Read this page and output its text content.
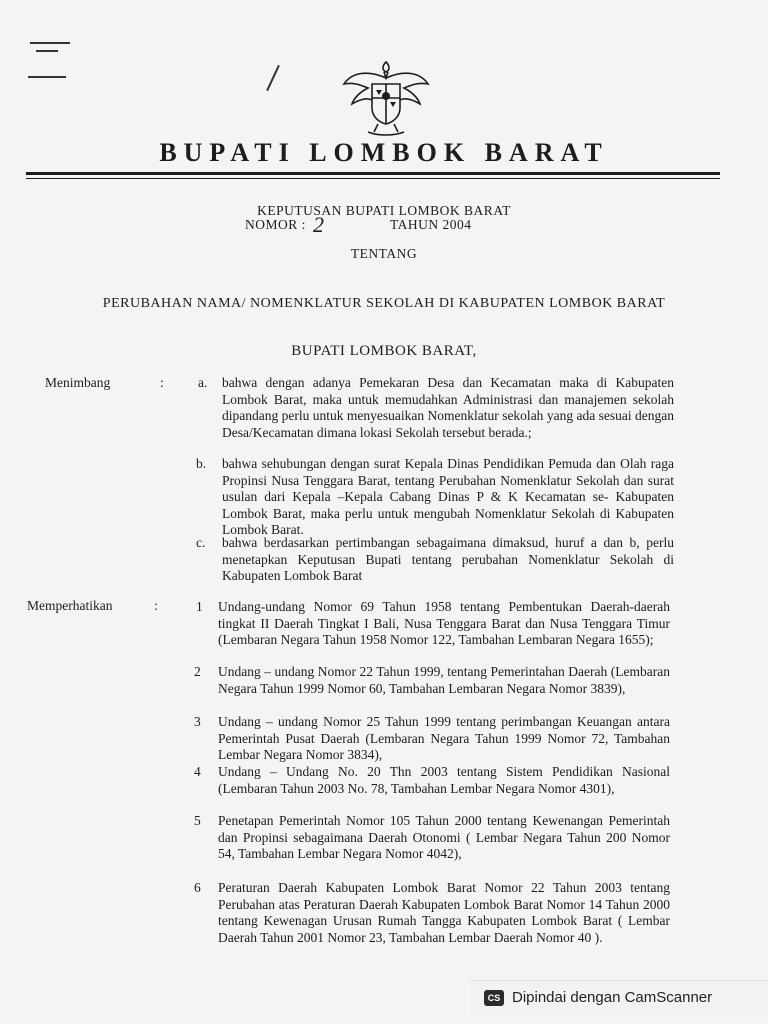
BUPATI LOMBOK BARAT
KEPUTUSAN BUPATI LOMBOK BARAT
NOMOR : 2	TAHUN 2004
TENTANG
PERUBAHAN NAMA/ NOMENKLATUR SEKOLAH DI KABUPATEN LOMBOK BARAT
BUPATI LOMBOK BARAT,
Menimbang	:	a. bahwa dengan adanya Pemekaran Desa dan Kecamatan maka di Kabupaten Lombok Barat, maka untuk memudahkan Administrasi dan manajemen sekolah dipandang perlu untuk menyesuaikan Nomenklatur sekolah yang ada sesuai dengan Desa/Kecamatan dimana lokasi Sekolah tersebut berada.;

b. bahwa sehubungan dengan surat Kepala Dinas Pendidikan Pemuda dan Olah raga Propinsi Nusa Tenggara Barat, tentang Perubahan Nomenklatur Sekolah dan surat usulan dari Kepala –Kepala Cabang Dinas P & K Kecamatan se- Kabupaten Lombok Barat, maka perlu untuk mengubah Nomenklatur Sekolah di Kabupaten Lombok Barat.

c. bahwa berdasarkan pertimbangan sebagaimana dimaksud, huruf a dan b, perlu menetapkan Keputusan Bupati tentang perubahan Nomenklatur Sekolah di Kabupaten Lombok Barat

Memperhatikan	:	1 Undang-undang Nomor 69 Tahun 1958 tentang Pembentukan Daerah-daerah tingkat II Daerah Tingkat I Bali, Nusa Tenggara Barat dan Nusa Tenggara Timur (Lembaran Negara Tahun 1958 Nomor 122, Tambahan Lembaran Negara 1655);

2 Undang – undang Nomor 22 Tahun 1999, tentang Pemerintahan Daerah (Lembaran Negara Tahun 1999 Nomor 60, Tambahan Lembaran Negara Nomor 3839),

3 Undang – undang Nomor 25 Tahun 1999 tentang perimbangan Keuangan antara Pemerintah Pusat Daerah (Lembaran Negara Tahun 1999 Nomor 72, Tambahan Lembar Negara Nomor 3834),

4 Undang – Undang No. 20 Thn 2003 tentang Sistem Pendidikan Nasional (Lembaran Tahun 2003 No. 78, Tambahan Lembar Negara Nomor 4301),

5 Penetapan Pemerintah Nomor 105 Tahun 2000 tentang Kewenangan Pemerintah dan Propinsi sebagaimana Daerah Otonomi ( Lembar Negara Tahun 200 Nomor 54, Tambahan Lembar Negara Nomor 4042),

6 Peraturan Daerah Kabupaten Lombok Barat Nomor 22 Tahun 2003 tentang Perubahan atas Peraturan Daerah Kabupaten Lombok Barat Nomor 14 Tahun 2000 tentang Kewenagan Urusan Rumah Tangga Kabupaten Lombok Barat ( Lembar Daerah Tahun 2001 Nomor 23, Tambahan Lembar Daerah Nomor 40 ).

CS Dipindai dengan CamScanner
